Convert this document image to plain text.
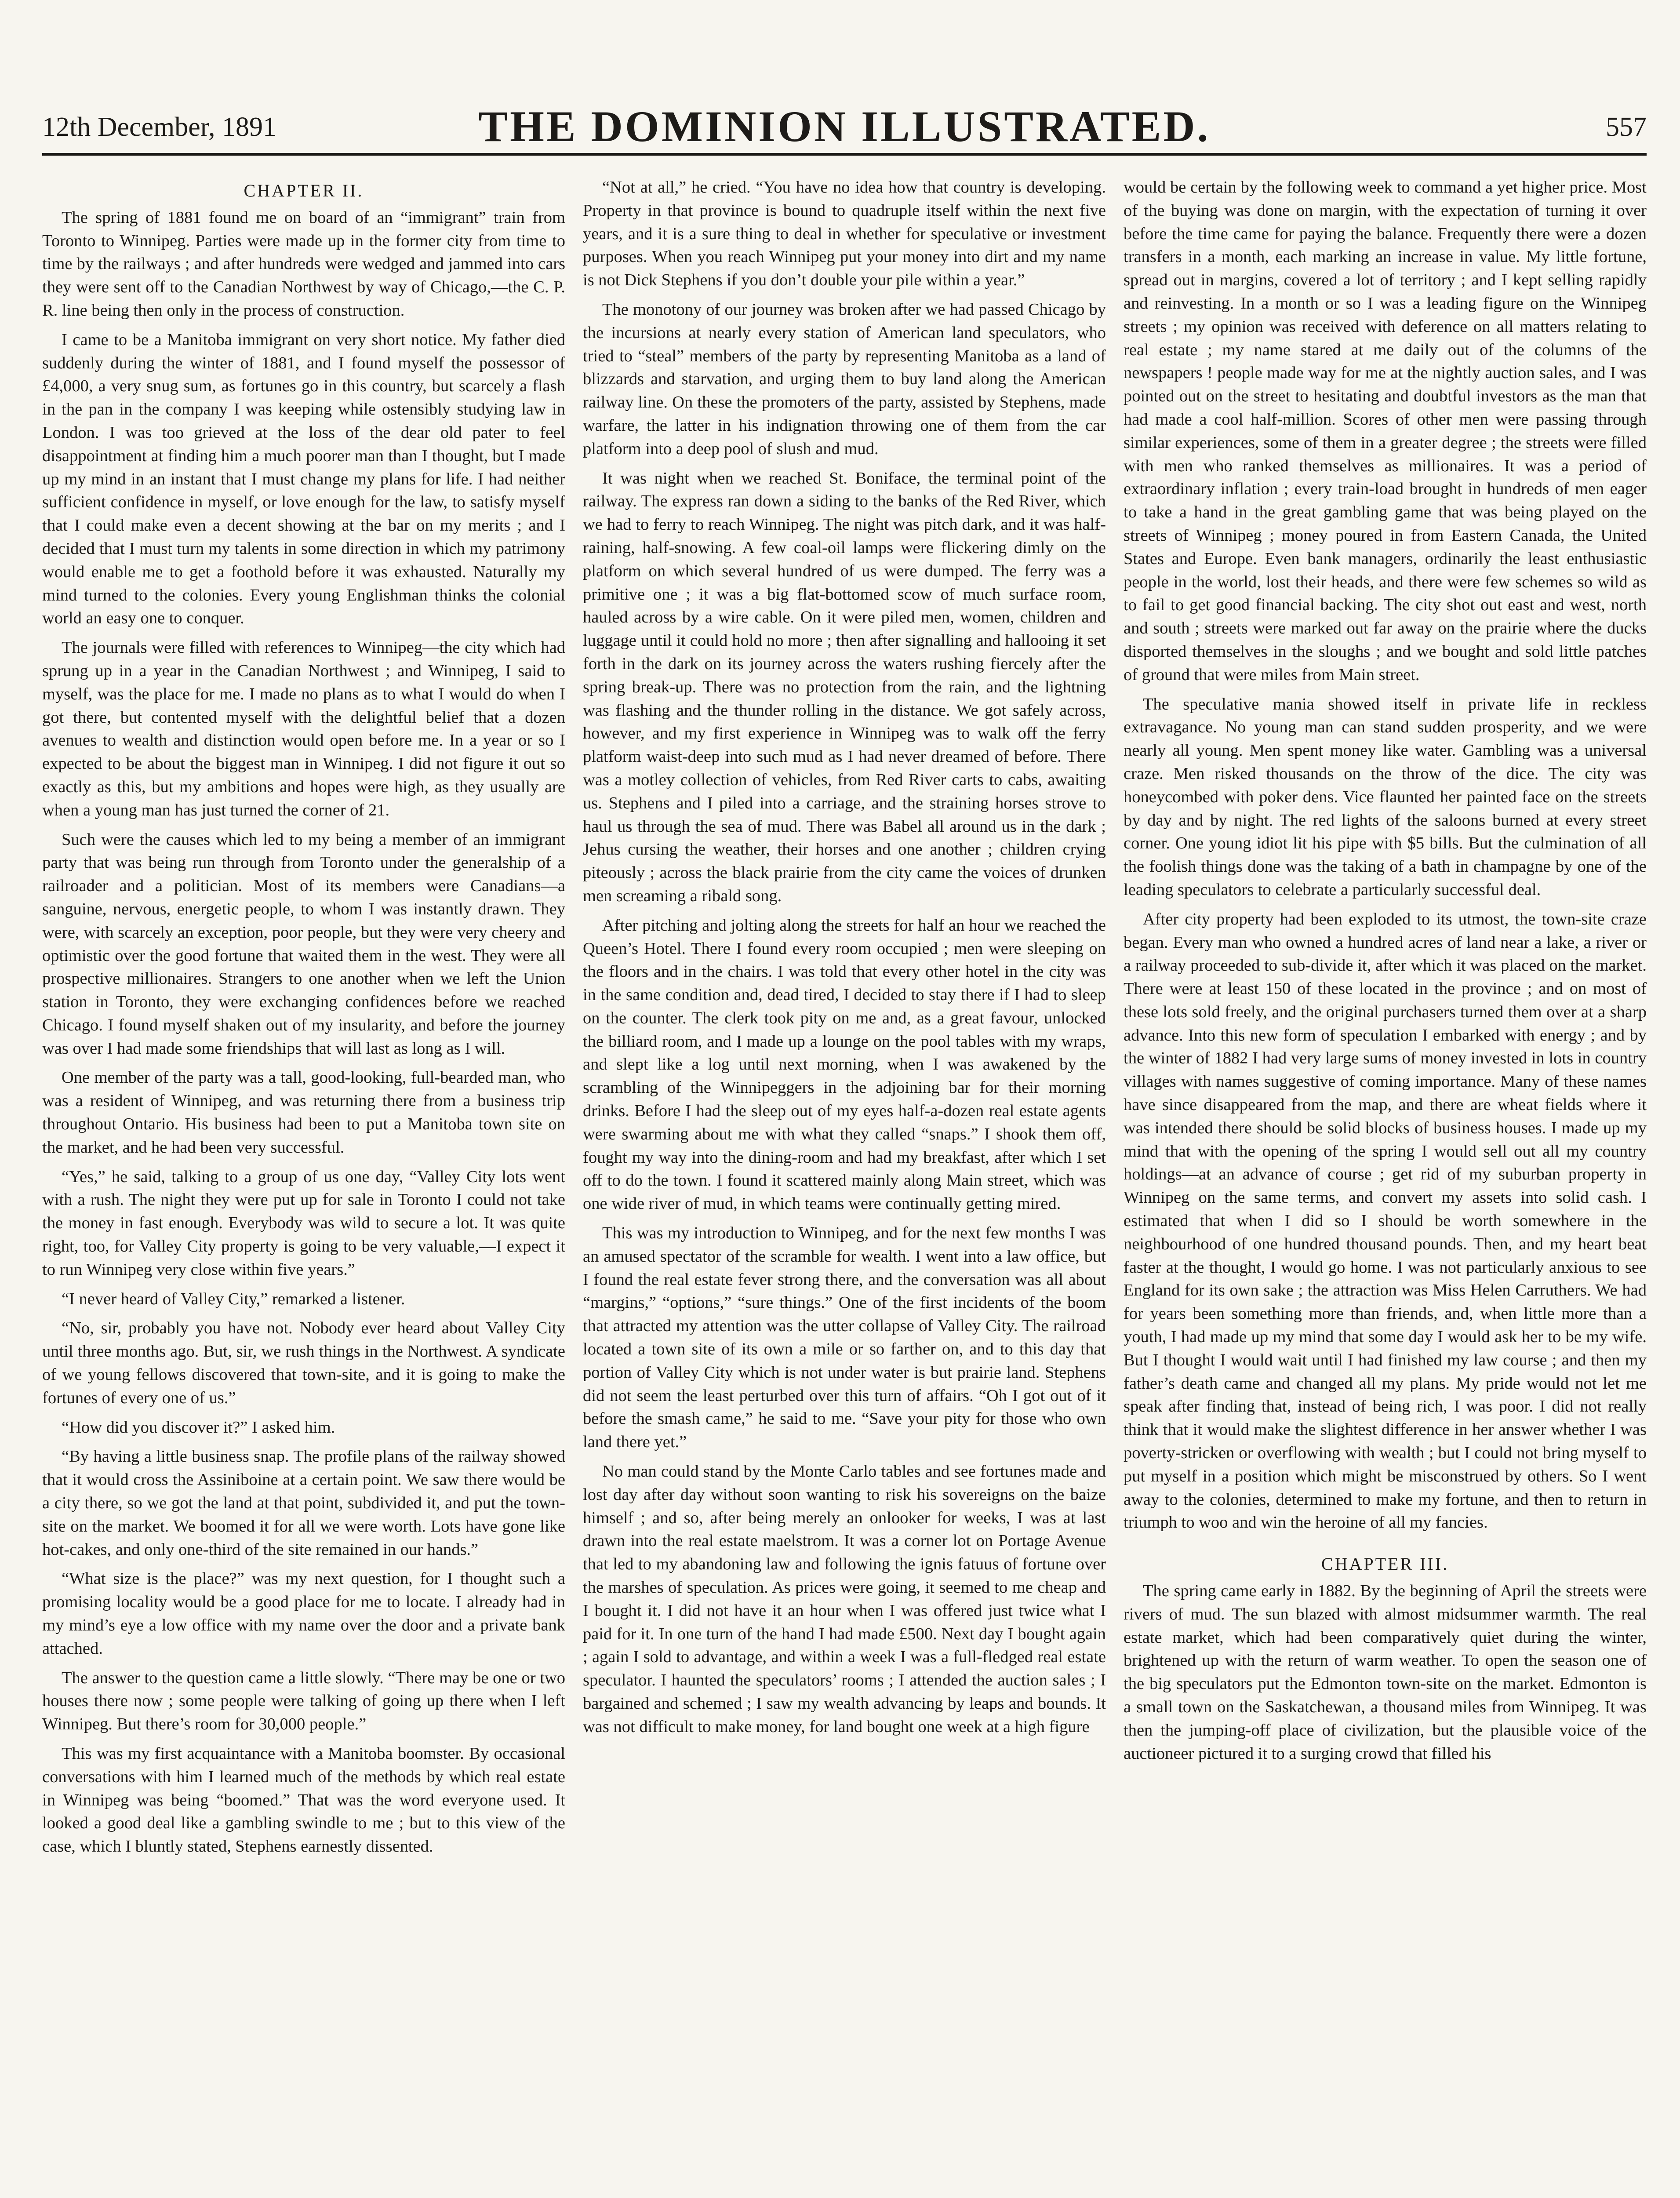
12th December, 1891	THE DOMINION ILLUSTRATED.	557
CHAPTER II.

The spring of 1881 found me on board of an “immigrant” train from Toronto to Winnipeg. Parties were made up in the former city from time to time by the railways ; and after hundreds were wedged and jammed into cars they were sent off to the Canadian Northwest by way of Chicago,—the C. P. R. line being then only in the process of construction.

I came to be a Manitoba immigrant on very short notice. My father died suddenly during the winter of 1881, and I found myself the possessor of £4,000, a very snug sum, as fortunes go in this country, but scarcely a flash in the pan in the company I was keeping while ostensibly studying law in London. I was too grieved at the loss of the dear old pater to feel disappointment at finding him a much poorer man than I thought, but I made up my mind in an instant that I must change my plans for life. I had neither sufficient confidence in myself, or love enough for the law, to satisfy myself that I could make even a decent showing at the bar on my merits ; and I decided that I must turn my talents in some direction in which my patrimony would enable me to get a foothold before it was exhausted. Naturally my mind turned to the colonies. Every young Englishman thinks the colonial world an easy one to conquer.

The journals were filled with references to Winnipeg—the city which had sprung up in a year in the Canadian Northwest ; and Winnipeg, I said to myself, was the place for me. I made no plans as to what I would do when I got there, but contented myself with the delightful belief that a dozen avenues to wealth and distinction would open before me. In a year or so I expected to be about the biggest man in Winnipeg. I did not figure it out so exactly as this, but my ambitions and hopes were high, as they usually are when a young man has just turned the corner of 21.

Such were the causes which led to my being a member of an immigrant party that was being run through from Toronto under the generalship of a railroader and a politician. Most of its members were Canadians—a sanguine, nervous, energetic people, to whom I was instantly drawn. They were, with scarcely an exception, poor people, but they were very cheery and optimistic over the good fortune that waited them in the west. They were all prospective millionaires. Strangers to one another when we left the Union station in Toronto, they were exchanging confidences before we reached Chicago. I found myself shaken out of my insularity, and before the journey was over I had made some friendships that will last as long as I will.

One member of the party was a tall, good-looking, full-bearded man, who was a resident of Winnipeg, and was returning there from a business trip throughout Ontario. His business had been to put a Manitoba town site on the market, and he had been very successful.

“Yes,” he said, talking to a group of us one day, “Valley City lots went with a rush. The night they were put up for sale in Toronto I could not take the money in fast enough. Everybody was wild to secure a lot. It was quite right, too, for Valley City property is going to be very valuable,—I expect it to run Winnipeg very close within five years.”

“I never heard of Valley City,” remarked a listener.

“No, sir, probably you have not. Nobody ever heard about Valley City until three months ago. But, sir, we rush things in the Northwest. A syndicate of we young fellows discovered that town-site, and it is going to make the fortunes of every one of us.”

“How did you discover it?” I asked him.

“By having a little business snap. The profile plans of the railway showed that it would cross the Assiniboine at a certain point. We saw there would be a city there, so we got the land at that point, subdivided it, and put the town-site on the market. We boomed it for all we were worth. Lots have gone like hot-cakes, and only one-third of the site remained in our hands.”

“What size is the place?” was my next question, for I thought such a promising locality would be a good place for me to locate. I already had in my mind’s eye a low office with my name over the door and a private bank attached.

The answer to the question came a little slowly. “There may be one or two houses there now ; some people were talking of going up there when I left Winnipeg. But there’s room for 30,000 people.”

This was my first acquaintance with a Manitoba boomster. By occasional conversations with him I learned much of the methods by which real estate in Winnipeg was being “boomed.” That was the word everyone used. It looked a good deal like a gambling swindle to me ; but to this view of the case, which I bluntly stated, Stephens earnestly dissented.

“Not at all,” he cried. “You have no idea how that country is developing. Property in that province is bound to quadruple itself within the next five years, and it is a sure thing to deal in whether for speculative or investment purposes. When you reach Winnipeg put your money into dirt and my name is not Dick Stephens if you don’t double your pile within a year.”

The monotony of our journey was broken after we had passed Chicago by the incursions at nearly every station of American land speculators, who tried to “steal” members of the party by representing Manitoba as a land of blizzards and starvation, and urging them to buy land along the American railway line. On these the promoters of the party, assisted by Stephens, made warfare, the latter in his indignation throwing one of them from the car platform into a deep pool of slush and mud.

It was night when we reached St. Boniface, the terminal point of the railway. The express ran down a siding to the banks of the Red River, which we had to ferry to reach Winnipeg. The night was pitch dark, and it was half-raining, half-snowing. A few coal-oil lamps were flickering dimly on the platform on which several hundred of us were dumped. The ferry was a primitive one ; it was a big flat-bottomed scow of much surface room, hauled across by a wire cable. On it were piled men, women, children and luggage until it could hold no more ; then after signalling and hallooing it set forth in the dark on its journey across the waters rushing fiercely after the spring break-up. There was no protection from the rain, and the lightning was flashing and the thunder rolling in the distance. We got safely across, however, and my first experience in Winnipeg was to walk off the ferry platform waist-deep into such mud as I had never dreamed of before. There was a motley collection of vehicles, from Red River carts to cabs, awaiting us. Stephens and I piled into a carriage, and the straining horses strove to haul us through the sea of mud. There was Babel all around us in the dark ; Jehus cursing the weather, their horses and one another ; children crying piteously ; across the black prairie from the city came the voices of drunken men screaming a ribald song.

After pitching and jolting along the streets for half an hour we reached the Queen’s Hotel. There I found every room occupied ; men were sleeping on the floors and in the chairs. I was told that every other hotel in the city was in the same condition and, dead tired, I decided to stay there if I had to sleep on the counter. The clerk took pity on me and, as a great favour, unlocked the billiard room, and I made up a lounge on the pool tables with my wraps, and slept like a log until next morning, when I was awakened by the scrambling of the Winnipeggers in the adjoining bar for their morning drinks. Before I had the sleep out of my eyes half-a-dozen real estate agents were swarming about me with what they called “snaps.” I shook them off, fought my way into the dining-room and had my breakfast, after which I set off to do the town. I found it scattered mainly along Main street, which was one wide river of mud, in which teams were continually getting mired.

This was my introduction to Winnipeg, and for the next few months I was an amused spectator of the scramble for wealth. I went into a law office, but I found the real estate fever strong there, and the conversation was all about “margins,” “options,” “sure things.” One of the first incidents of the boom that attracted my attention was the utter collapse of Valley City. The railroad located a town site of its own a mile or so farther on, and to this day that portion of Valley City which is not under water is but prairie land. Stephens did not seem the least perturbed over this turn of affairs. “Oh I got out of it before the smash came,” he said to me. “Save your pity for those who own land there yet.”

No man could stand by the Monte Carlo tables and see fortunes made and lost day after day without soon wanting to risk his sovereigns on the baize himself ; and so, after being merely an onlooker for weeks, I was at last drawn into the real estate maelstrom. It was a corner lot on Portage Avenue that led to my abandoning law and following the ignis fatuus of fortune over the marshes of speculation. As prices were going, it seemed to me cheap and I bought it. I did not have it an hour when I was offered just twice what I paid for it. In one turn of the hand I had made £500. Next day I bought again ; again I sold to advantage, and within a week I was a full-fledged real estate speculator. I haunted the speculators’ rooms ; I attended the auction sales ; I bargained and schemed ; I saw my wealth advancing by leaps and bounds. It was not difficult to make money, for land bought one week at a high figure

would be certain by the following week to command a yet higher price. Most of the buying was done on margin, with the expectation of turning it over before the time came for paying the balance. Frequently there were a dozen transfers in a month, each marking an increase in value. My little fortune, spread out in margins, covered a lot of territory ; and I kept selling rapidly and reinvesting. In a month or so I was a leading figure on the Winnipeg streets ; my opinion was received with deference on all matters relating to real estate ; my name stared at me daily out of the columns of the newspapers ! people made way for me at the nightly auction sales, and I was pointed out on the street to hesitating and doubtful investors as the man that had made a cool half-million. Scores of other men were passing through similar experiences, some of them in a greater degree ; the streets were filled with men who ranked themselves as millionaires. It was a period of extraordinary inflation ; every train-load brought in hundreds of men eager to take a hand in the great gambling game that was being played on the streets of Winnipeg ; money poured in from Eastern Canada, the United States and Europe. Even bank managers, ordinarily the least enthusiastic people in the world, lost their heads, and there were few schemes so wild as to fail to get good financial backing. The city shot out east and west, north and south ; streets were marked out far away on the prairie where the ducks disported themselves in the sloughs ; and we bought and sold little patches of ground that were miles from Main street.

The speculative mania showed itself in private life in reckless extravagance. No young man can stand sudden prosperity, and we were nearly all young. Men spent money like water. Gambling was a universal craze. Men risked thousands on the throw of the dice. The city was honeycombed with poker dens. Vice flaunted her painted face on the streets by day and by night. The red lights of the saloons burned at every street corner. One young idiot lit his pipe with $5 bills. But the culmination of all the foolish things done was the taking of a bath in champagne by one of the leading speculators to celebrate a particularly successful deal.

After city property had been exploded to its utmost, the town-site craze began. Every man who owned a hundred acres of land near a lake, a river or a railway proceeded to sub-divide it, after which it was placed on the market. There were at least 150 of these located in the province ; and on most of these lots sold freely, and the original purchasers turned them over at a sharp advance. Into this new form of speculation I embarked with energy ; and by the winter of 1882 I had very large sums of money invested in lots in country villages with names suggestive of coming importance. Many of these names have since disappeared from the map, and there are wheat fields where it was intended there should be solid blocks of business houses. I made up my mind that with the opening of the spring I would sell out all my country holdings—at an advance of course ; get rid of my suburban property in Winnipeg on the same terms, and convert my assets into solid cash. I estimated that when I did so I should be worth somewhere in the neighbourhood of one hundred thousand pounds. Then, and my heart beat faster at the thought, I would go home. I was not particularly anxious to see England for its own sake ; the attraction was Miss Helen Carruthers. We had for years been something more than friends, and, when little more than a youth, I had made up my mind that some day I would ask her to be my wife. But I thought I would wait until I had finished my law course ; and then my father’s death came and changed all my plans. My pride would not let me speak after finding that, instead of being rich, I was poor. I did not really think that it would make the slightest difference in her answer whether I was poverty-stricken or overflowing with wealth ; but I could not bring myself to put myself in a position which might be misconstrued by others. So I went away to the colonies, determined to make my fortune, and then to return in triumph to woo and win the heroine of all my fancies.

CHAPTER III.

The spring came early in 1882. By the beginning of April the streets were rivers of mud. The sun blazed with almost midsummer warmth. The real estate market, which had been comparatively quiet during the winter, brightened up with the return of warm weather. To open the season one of the big speculators put the Edmonton town-site on the market. Edmonton is a small town on the Saskatchewan, a thousand miles from Winnipeg. It was then the jumping-off place of civilization, but the plausible voice of the auctioneer pictured it to a surging crowd that filled his
